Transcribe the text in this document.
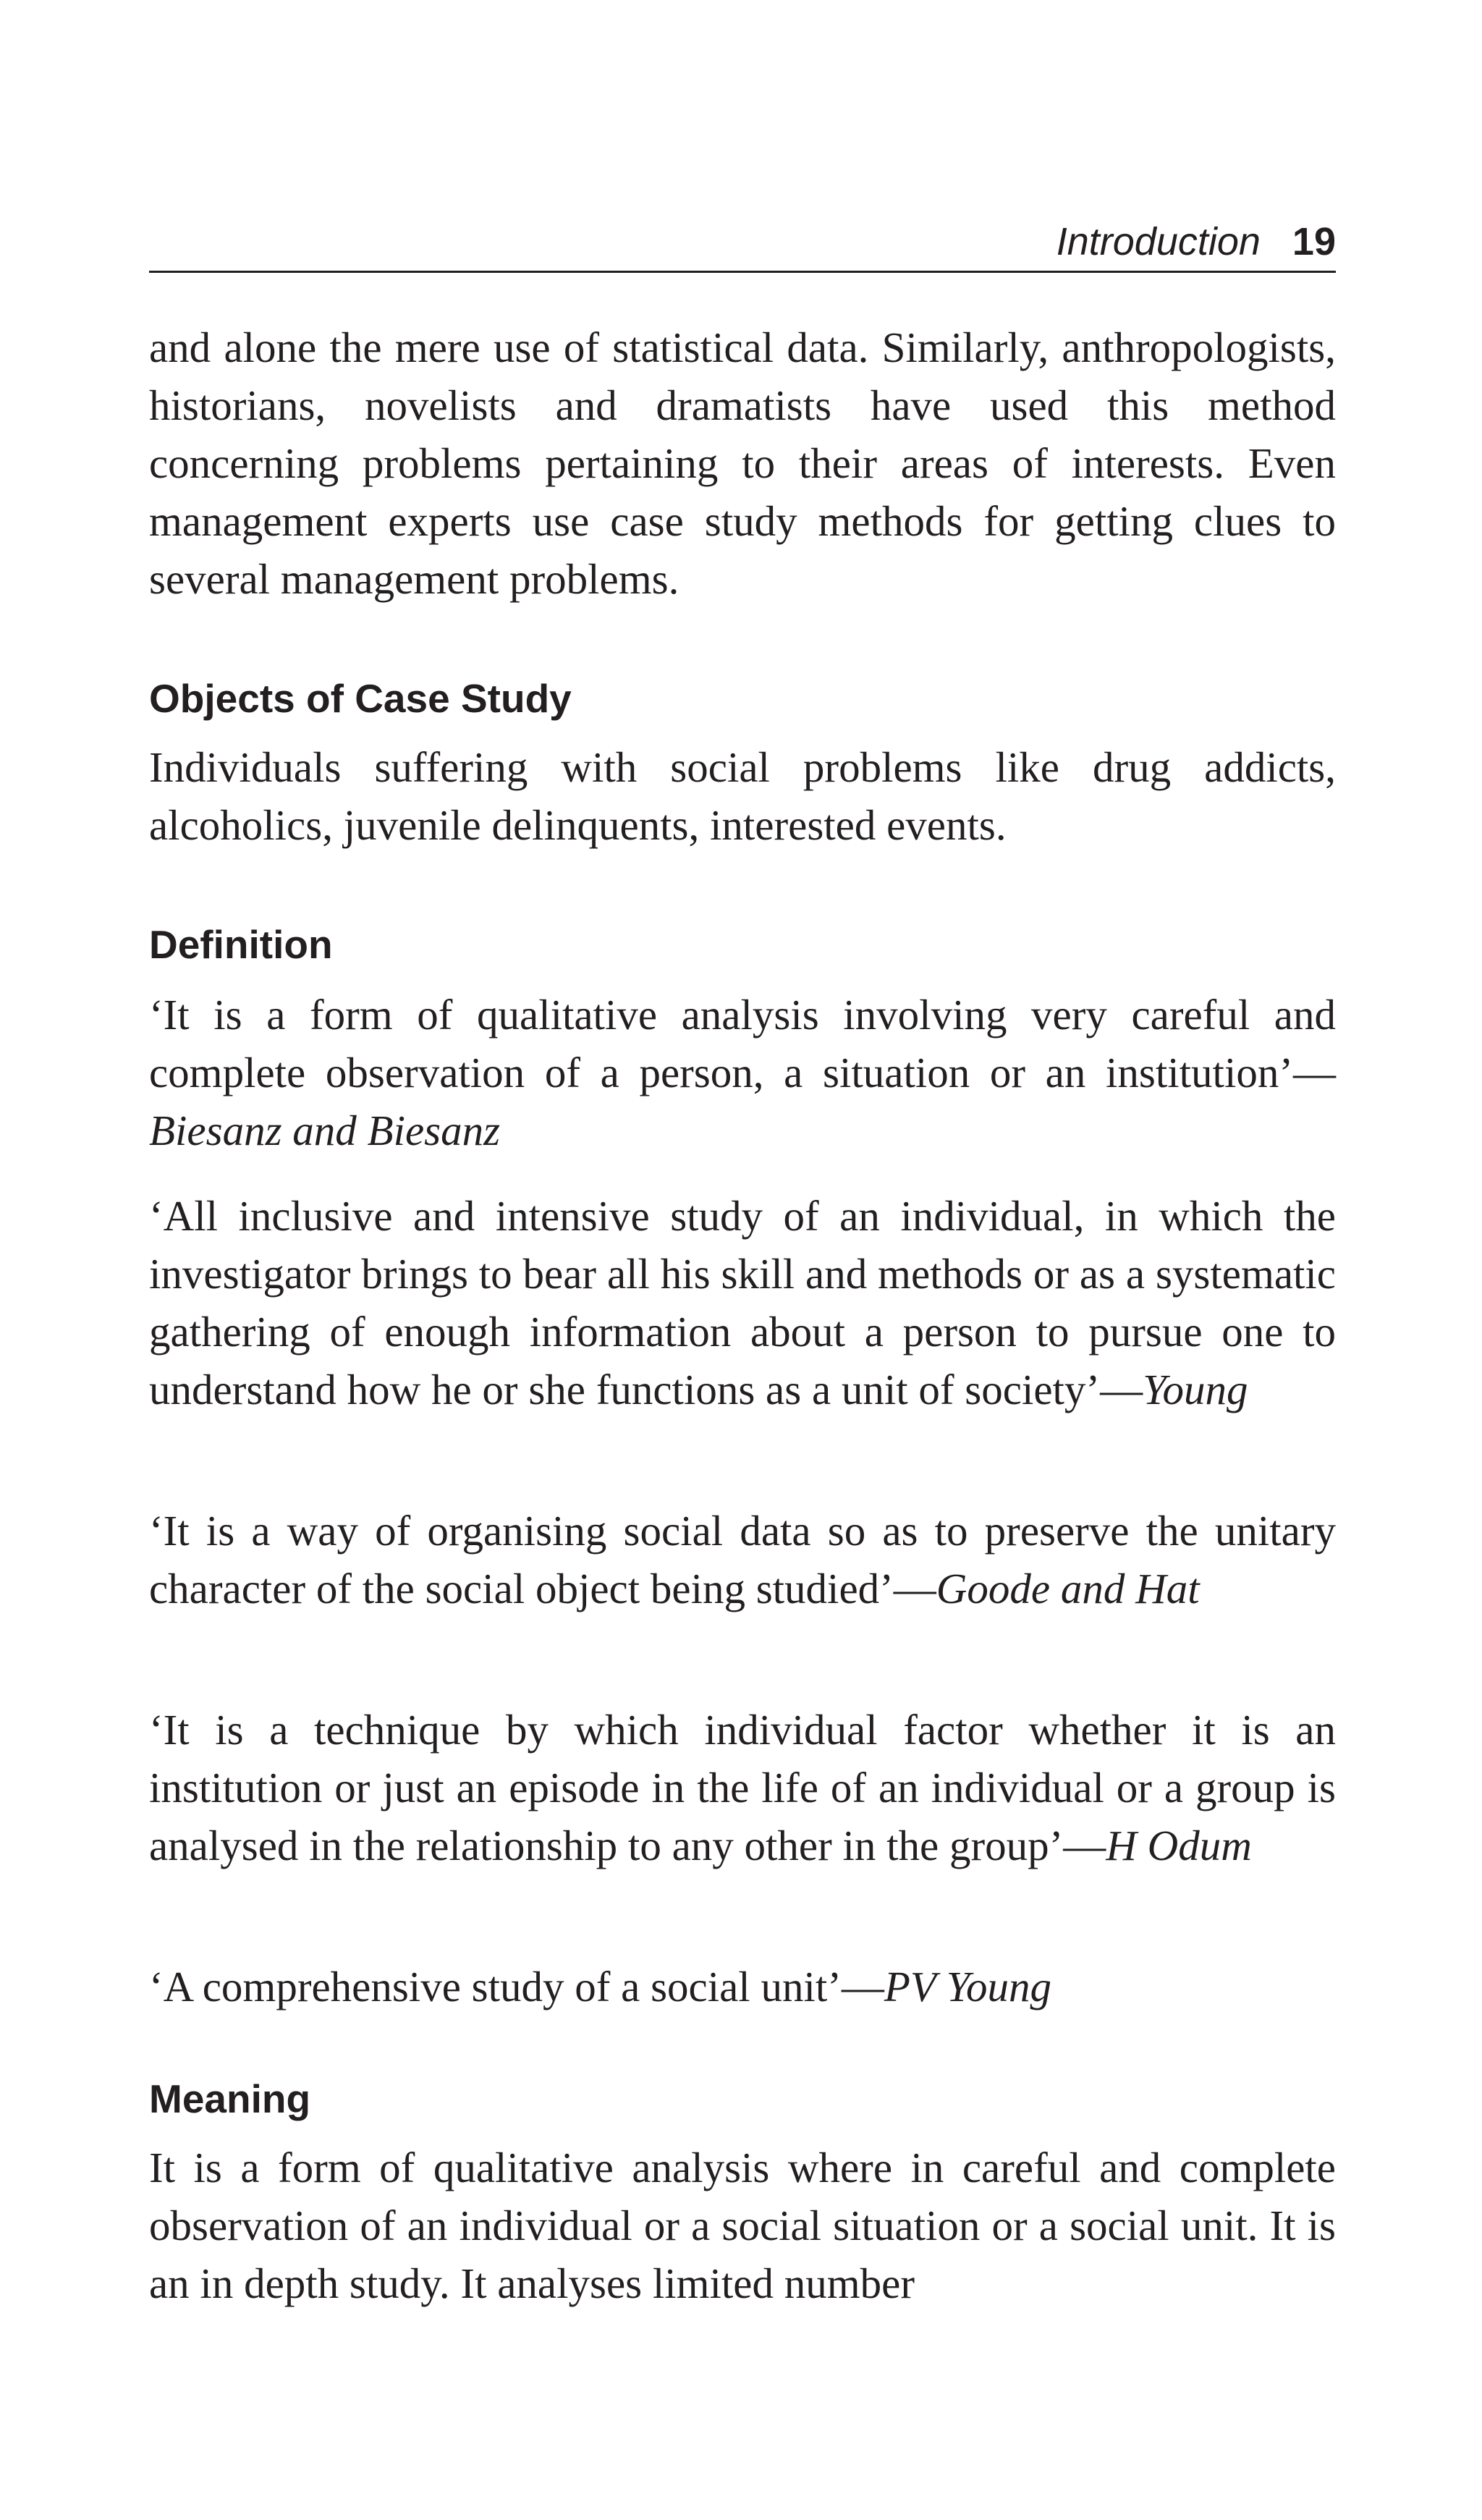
Introduction 19

and alone the mere use of statistical data. Similarly, anthropologists, historians, novelists and dramatists have used this method concerning problems pertaining to their areas of interests. Even management experts use case study methods for getting clues to several management problems.

Objects of Case Study

Individuals suffering with social problems like drug addicts, alcoholics, juvenile delinquents, interested events.

Definition

‘It is a form of qualitative analysis involving very careful and complete observation of a person, a situation or an institution’—Biesanz and Biesanz

‘All inclusive and intensive study of an individual, in which the investigator brings to bear all his skill and methods or as a systematic gathering of enough information about a person to pursue one to understand how he or she functions as a unit of society’—Young

‘It is a way of organising social data so as to preserve the unitary character of the social object being studied’—Goode and Hat

‘It is a technique by which individual factor whether it is an institution or just an episode in the life of an individual or a group is analysed in the relationship to any other in the group’—H Odum

‘A comprehensive study of a social unit’—PV Young

Meaning

It is a form of qualitative analysis where in careful and complete observation of an individual or a social situation or a social unit. It is an in depth study. It analyses limited number
